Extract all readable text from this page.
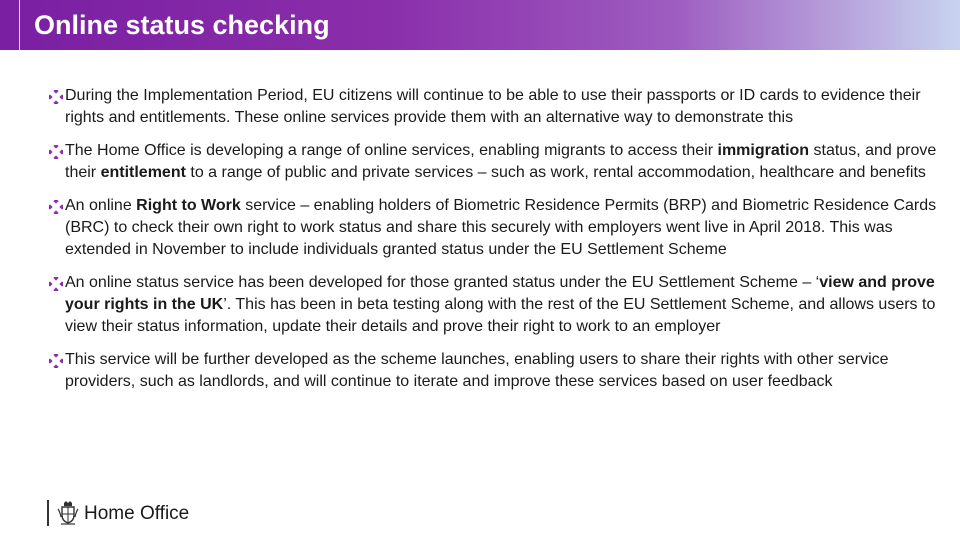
Online status checking
During the Implementation Period, EU citizens will continue to be able to use their passports or ID cards to evidence their rights and entitlements. These online services provide them with an alternative way to demonstrate this
The Home Office is developing a range of online services, enabling migrants to access their immigration status, and prove their entitlement to a range of public and private services – such as work, rental accommodation, healthcare and benefits
An online Right to Work service – enabling holders of Biometric Residence Permits (BRP) and Biometric Residence Cards (BRC) to check their own right to work status and share this securely with employers went live in April 2018. This was extended in November to include individuals granted status under the EU Settlement Scheme
An online status service has been developed for those granted status under the EU Settlement Scheme – ‘view and prove your rights in the UK’. This has been in beta testing along with the rest of the EU Settlement Scheme, and allows users to view their status information, update their details and prove their right to work to an employer
This service will be further developed as the scheme launches, enabling users to share their rights with other service providers, such as landlords, and will continue to iterate and improve these services based on user feedback
Home Office
